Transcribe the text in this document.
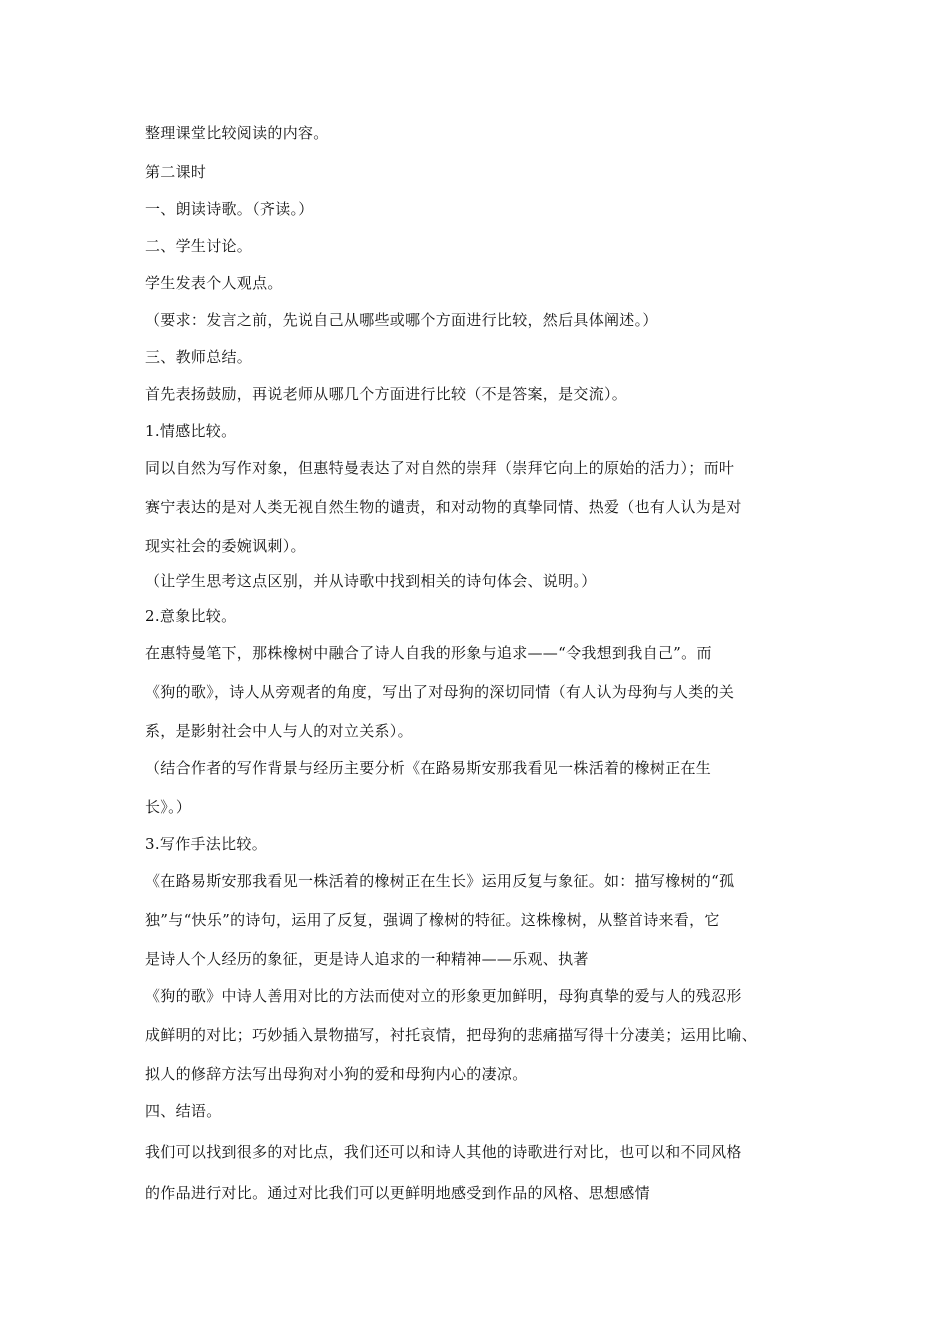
整理课堂比较阅读的内容。
第二课时
一、朗读诗歌。（齐读。）
二、学生讨论。
学生发表个人观点。
（要求：发言之前，先说自己从哪些或哪个方面进行比较，然后具体阐述。）
三、教师总结。
首先表扬鼓励，再说老师从哪几个方面进行比较（不是答案，是交流）。
1.情感比较。
同以自然为写作对象，但惠特曼表达了对自然的崇拜（崇拜它向上的原始的活力）；而叶
赛宁表达的是对人类无视自然生物的谴责，和对动物的真挚同情、热爱（也有人认为是对
现实社会的委婉讽刺）。
（让学生思考这点区别，并从诗歌中找到相关的诗句体会、说明。）
2.意象比较。
在惠特曼笔下，那株橡树中融合了诗人自我的形象与追求——“令我想到我自己”。而
《狗的歌》，诗人从旁观者的角度，写出了对母狗的深切同情（有人认为母狗与人类的关
系，是影射社会中人与人的对立关系）。
（结合作者的写作背景与经历主要分析《在路易斯安那我看见一株活着的橡树正在生
长》。）
3.写作手法比较。
《在路易斯安那我看见一株活着的橡树正在生长》运用反复与象征。如：描写橡树的“孤
独”与“快乐”的诗句，运用了反复，强调了橡树的特征。这株橡树，从整首诗来看，它
是诗人个人经历的象征，更是诗人追求的一种精神——乐观、执著
《狗的歌》中诗人善用对比的方法而使对立的形象更加鲜明，母狗真挚的爱与人的残忍形
成鲜明的对比；巧妙插入景物描写，衬托哀情，把母狗的悲痛描写得十分凄美；运用比喻、
拟人的修辞方法写出母狗对小狗的爱和母狗内心的凄凉。
四、结语。
我们可以找到很多的对比点，我们还可以和诗人其他的诗歌进行对比，也可以和不同风格
的作品进行对比。通过对比我们可以更鲜明地感受到作品的风格、思想感情
